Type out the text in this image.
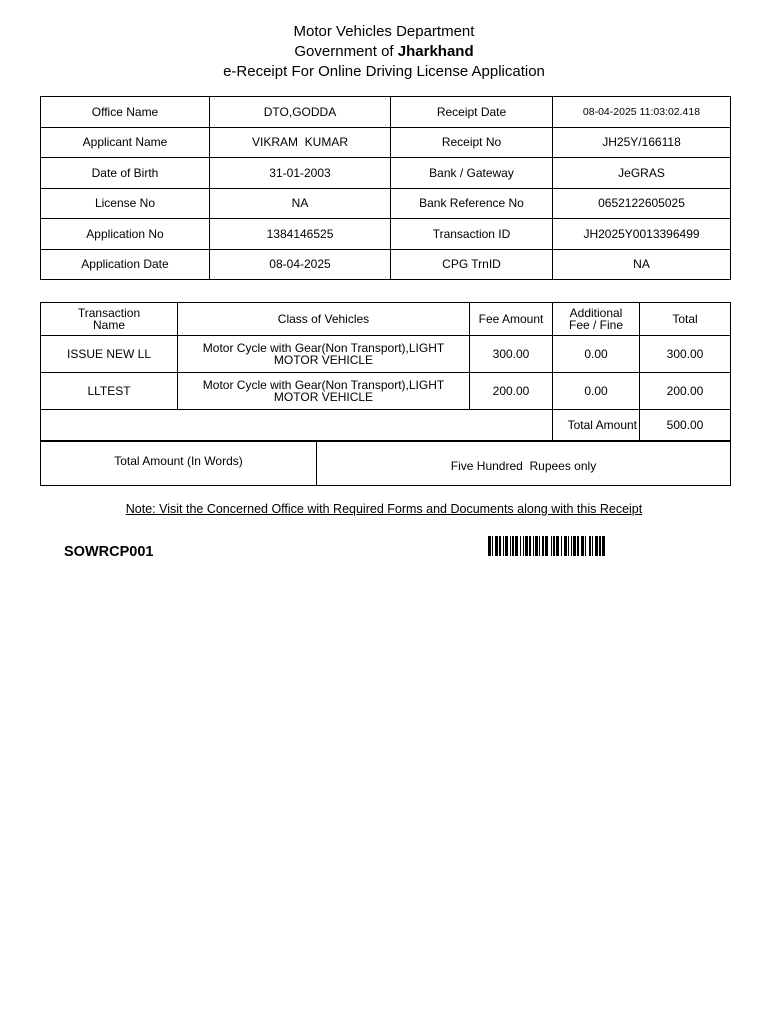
Motor Vehicles Department
Government of Jharkhand
e-Receipt For Online Driving License Application
Office Name	DTO,GODDA	Receipt Date	08-04-2025 11:03:02.418
Applicant Name	VIKRAM  KUMAR	Receipt No	JH25Y/166118
Date of Birth	31-01-2003	Bank / Gateway	JeGRAS
License No	NA	Bank Reference No	0652122605025
Application No	1384146525	Transaction ID	JH2025Y0013396499
Application Date	08-04-2025	CPG TrnID	NA
Transaction Name	Class of Vehicles	Fee Amount	Additional Fee / Fine	Total
ISSUE NEW LL	Motor Cycle with Gear(Non Transport),LIGHT MOTOR VEHICLE	300.00	0.00	300.00
LLTEST	Motor Cycle with Gear(Non Transport),LIGHT MOTOR VEHICLE	200.00	0.00	200.00
			Total Amount	500.00
Total Amount (In Words)	Five Hundred  Rupees only
Note: Visit the Concerned Office with Required Forms and Documents along with this Receipt
SOWRCP001
